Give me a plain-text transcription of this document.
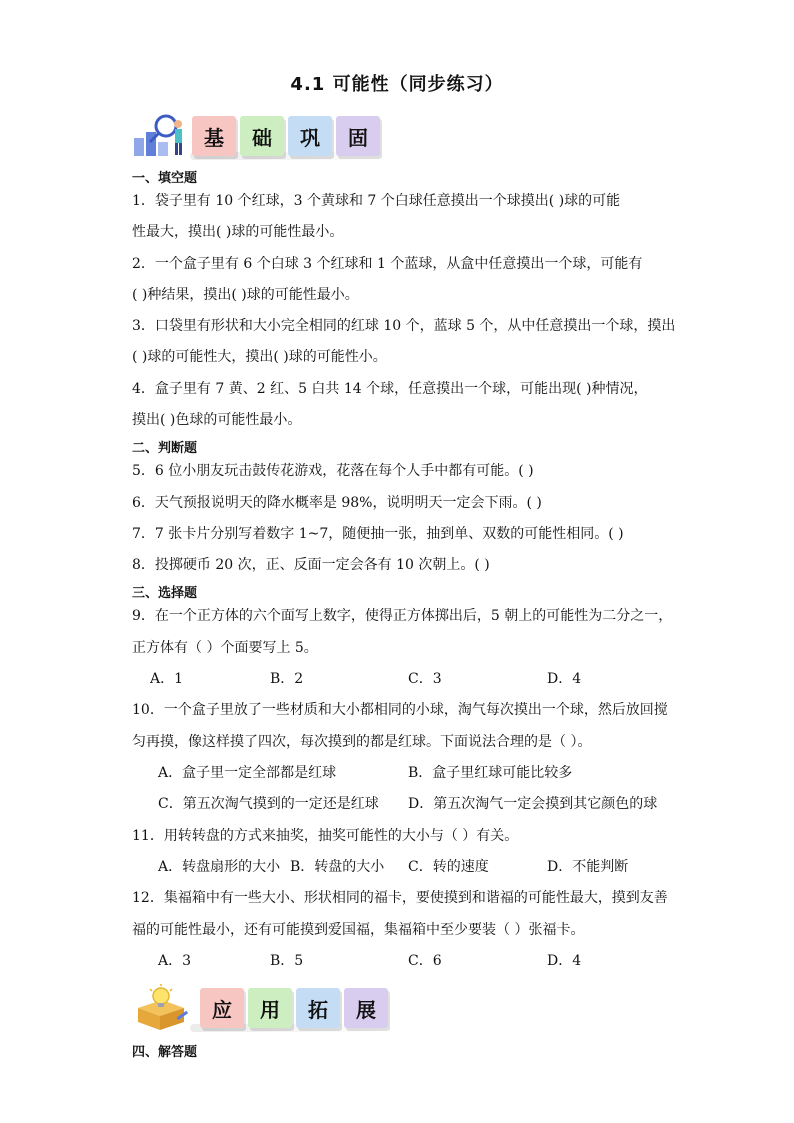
4.1 可能性（同步练习）
基	础	巩	固
一、填空题
1．袋子里有 10 个红球，3 个黄球和 7 个白球任意摸出一个球摸出( )球的可能
性最大，摸出( )球的可能性最小。
2．一个盒子里有 6 个白球 3 个红球和 1 个蓝球，从盒中任意摸出一个球，可能有
( )种结果，摸出( )球的可能性最小。
3．口袋里有形状和大小完全相同的红球 10 个，蓝球 5 个，从中任意摸出一个球，摸出
( )球的可能性大，摸出( )球的可能性小。
4．盒子里有 7 黄、2 红、5 白共 14 个球，任意摸出一个球，可能出现( )种情况，
摸出( )色球的可能性最小。
二、判断题
5．6 位小朋友玩击鼓传花游戏，花落在每个人手中都有可能。( )
6．天气预报说明天的降水概率是 98%，说明明天一定会下雨。( )
7．7 张卡片分别写着数字 1~7，随便抽一张，抽到单、双数的可能性相同。( )
8．投掷硬币 20 次，正、反面一定会各有 10 次朝上。( )
三、选择题
9．在一个正方体的六个面写上数字，使得正方体掷出后，5 朝上的可能性为二分之一，
正方体有（ ）个面要写上 5。
A．1	B．2	C．3	D．4
10．一个盒子里放了一些材质和大小都相同的小球，淘气每次摸出一个球，然后放回搅
匀再摸，像这样摸了四次，每次摸到的都是红球。下面说法合理的是（ ）。
A．盒子里一定全部都是红球	B．盒子里红球可能比较多
C．第五次淘气摸到的一定还是红球 D．第五次淘气一定会摸到其它颜色的球
11．用转转盘的方式来抽奖，抽奖可能性的大小与（ ）有关。
A．转盘扇形的大小 B．转盘的大小 C．转的速度	D．不能判断
12．集福箱中有一些大小、形状相同的福卡，要使摸到和谐福的可能性最大，摸到友善
福的可能性最小，还有可能摸到爱国福，集福箱中至少要装（ ）张福卡。
A．3	B．5	C．6	D．4
应	用	拓	展
四、解答题
